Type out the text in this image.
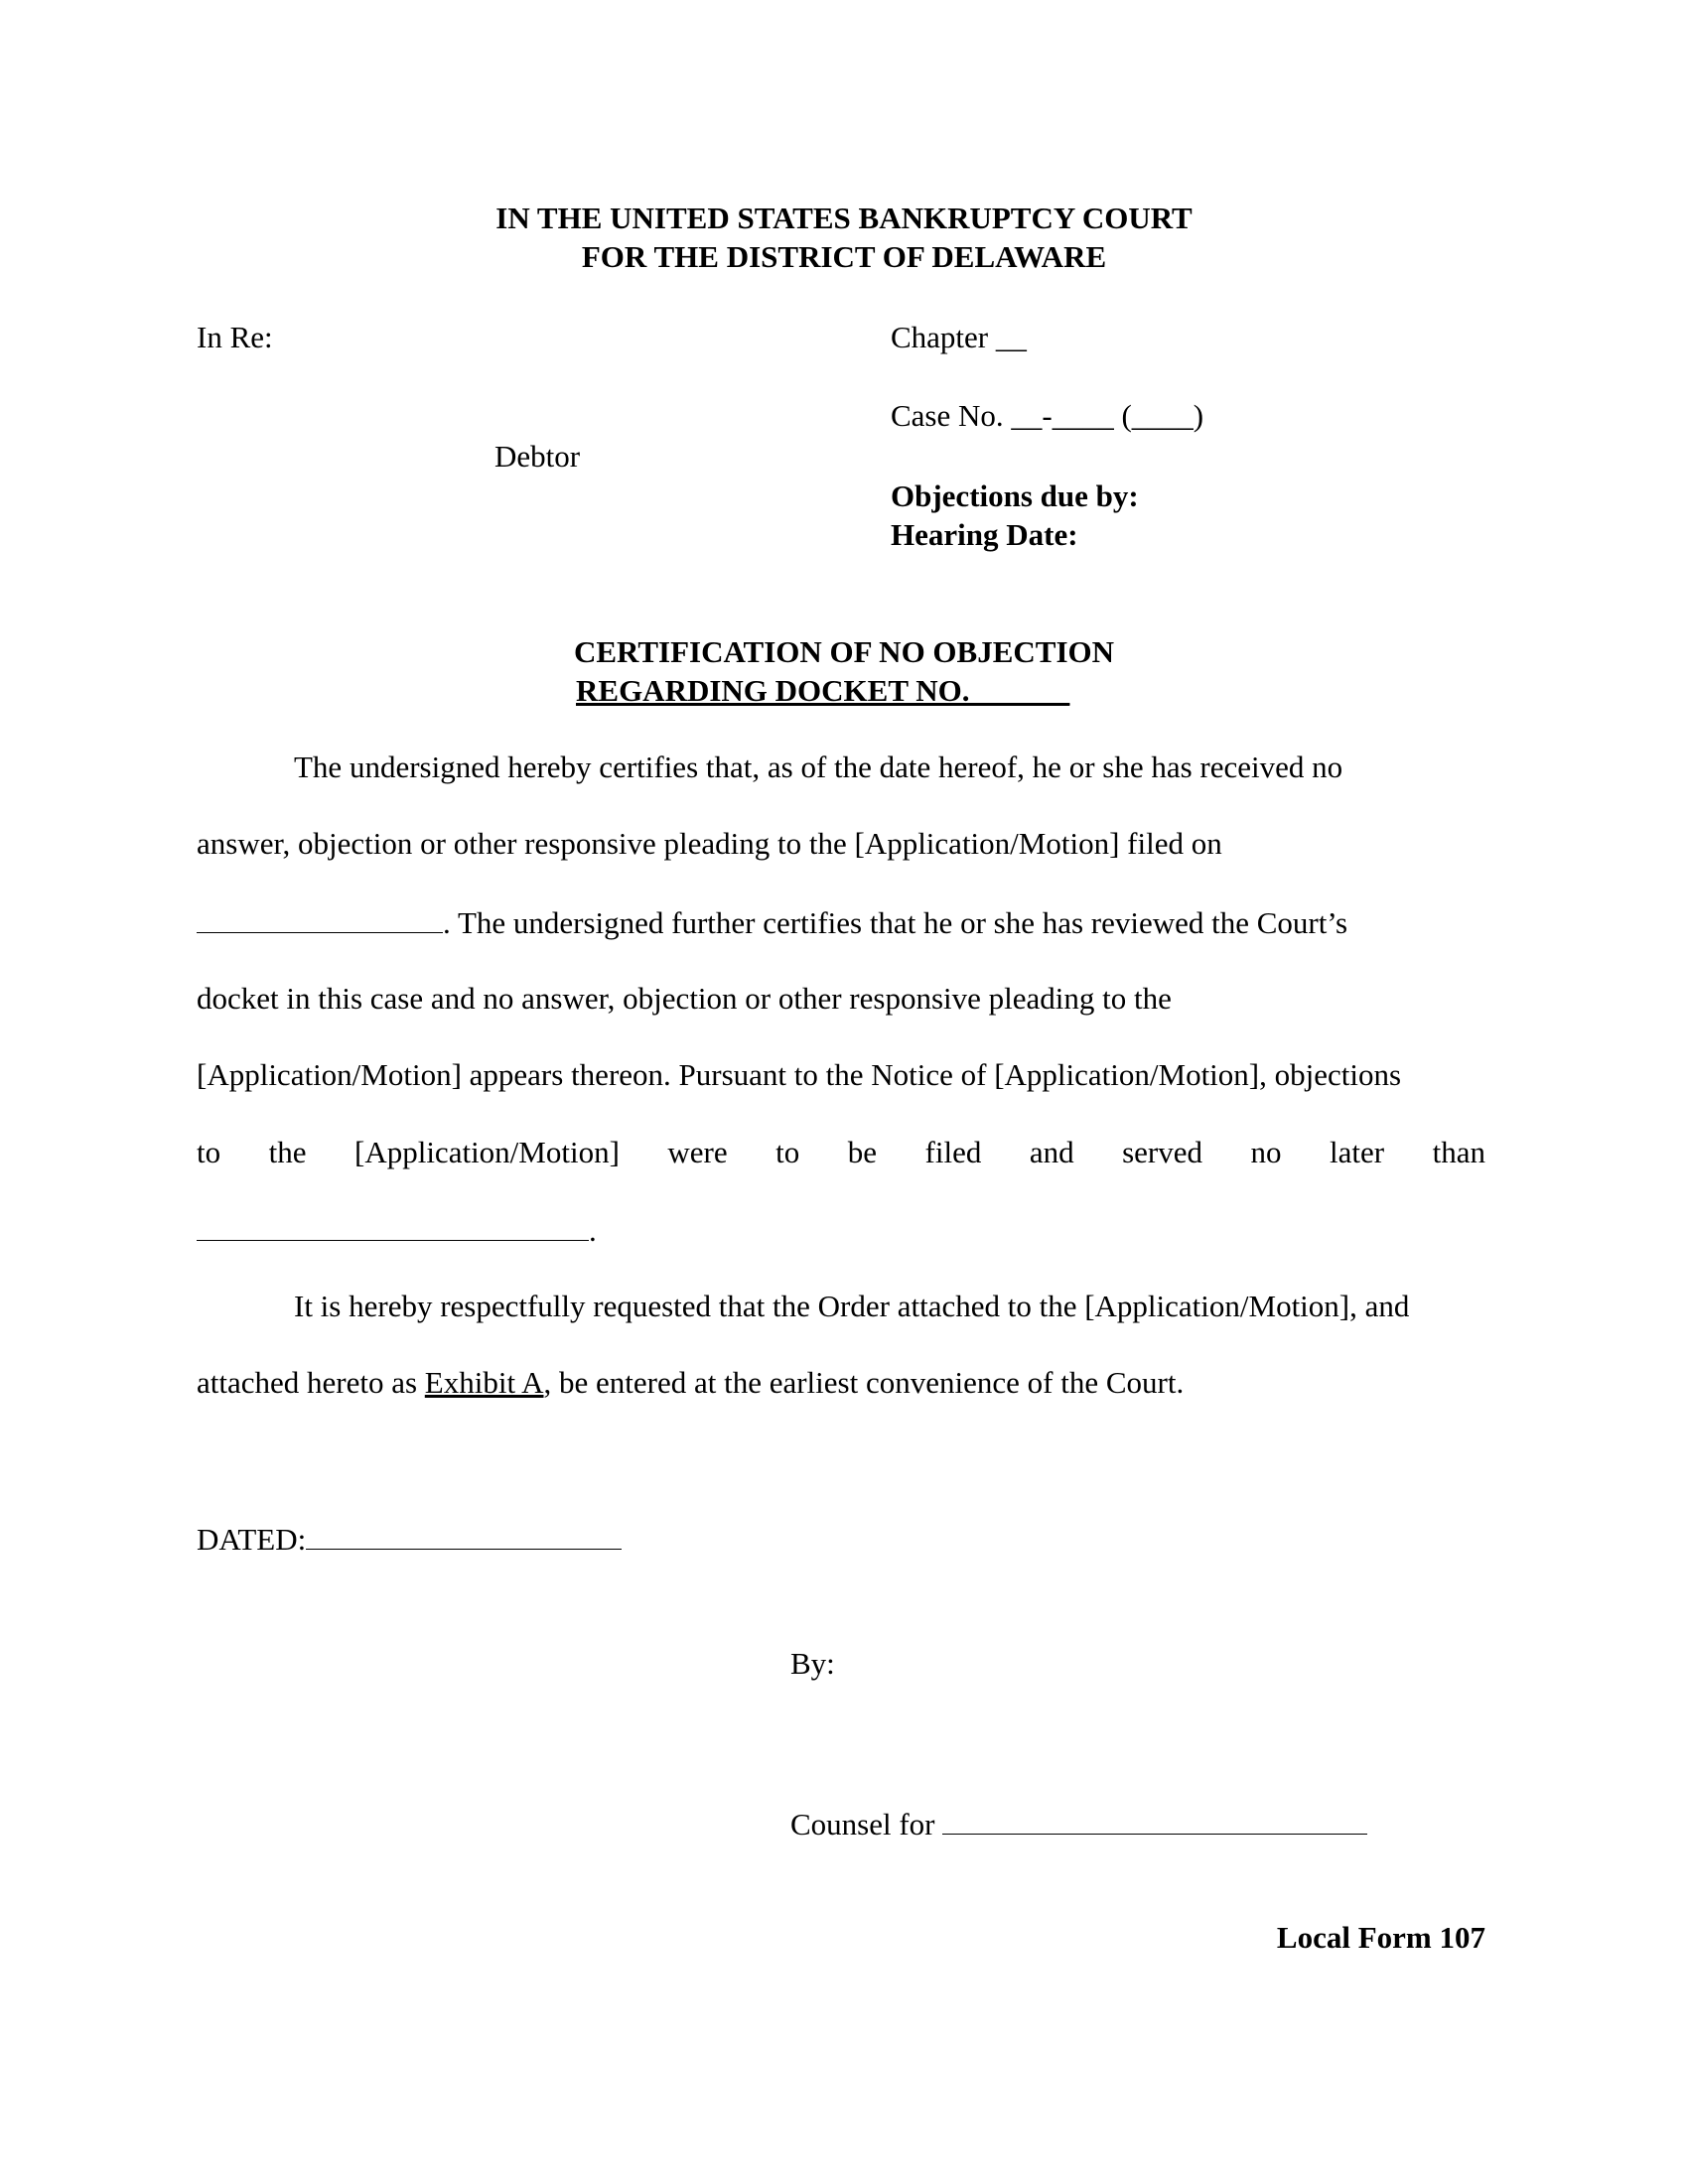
IN THE UNITED STATES BANKRUPTCY COURT
FOR THE DISTRICT OF DELAWARE
In Re:
Debtor
Chapter __
Case No. __-____ (____)
Objections due by:
Hearing Date:
CERTIFICATION OF NO OBJECTION
REGARDING DOCKET NO. ______
The undersigned hereby certifies that, as of the date hereof, he or she has received no
answer, objection or other responsive pleading to the [Application/Motion] filed on
. The undersigned further certifies that he or she has reviewed the Court’s
docket in this case and no answer, objection or other responsive pleading to the
[Application/Motion] appears thereon. Pursuant to the Notice of [Application/Motion], objections
to the [Application/Motion] were to be filed and served no later than
.
It is hereby respectfully requested that the Order attached to the [Application/Motion], and
attached hereto as Exhibit A, be entered at the earliest convenience of the Court.
DATED:
By:
Counsel for
Local Form 107
